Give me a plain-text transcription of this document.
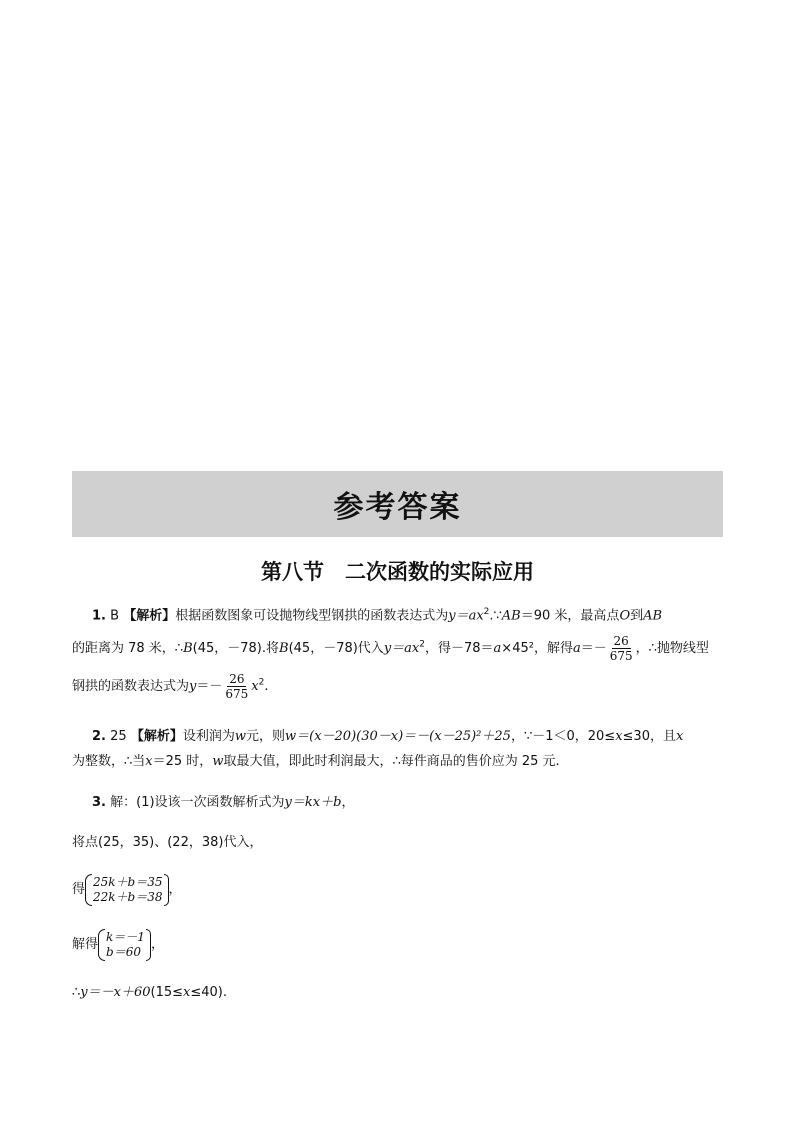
参考答案
第八节　二次函数的实际应用
1. B 【解析】根据函数图象可设抛物线型钢拱的函数表达式为$y=ax^2.\because AB=90$ 米，最高点O到AB
的距离为 78 米，∴B(45，－78).将B(45，－78)代入$y=ax^2$，得－78＝a×45²，解得$a=- \frac{26}{675}$ ，∴抛物线型
钢拱的函数表达式为$y=- \frac{26}{675} x^2$.
2. 25 【解析】设利润为w元，则w＝(x－20)(30－x)＝－(x－25)²＋25，∵－1＜0，20≤x≤30，且x
为整数，∴当x＝25 时，w取最大值，即此时利润最大，∴每件商品的售价应为 25 元.
3. 解：(1)设该一次函数解析式为y＝kx＋b，
将点(25，35)、(22，38)代入，
得
25k＋b＝35
22k＋b＝38 ，
解得
k＝－1
b＝60 ，
∴y＝－x＋60(15≤x≤40).
